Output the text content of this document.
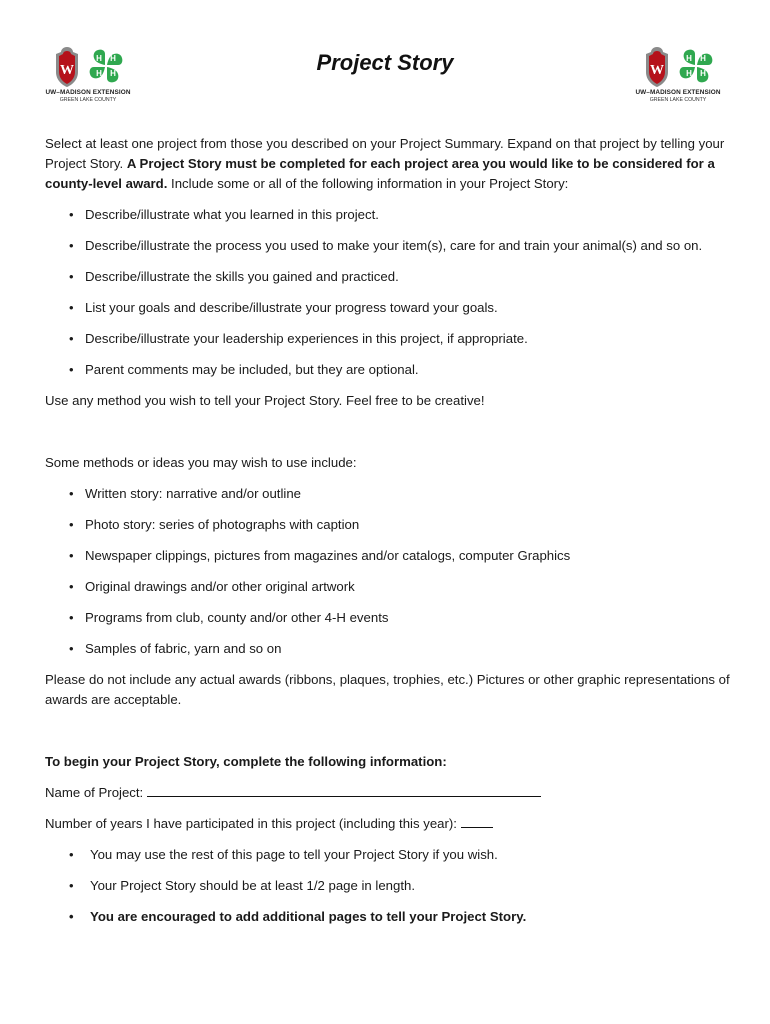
W
H H
H H
UW–MADISON EXTENSION
GREEN LAKE COUNTY
Project Story	W
H H
H H
UW–MADISON EXTENSION
GREEN LAKE COUNTY

Select at least one project from those you described on your Project Summary. Expand on that project by telling your Project Story. A Project Story must be completed for each project area you would like to be considered for a county-level award. Include some or all of the following information in your Project Story:

• Describe/illustrate what you learned in this project.
• Describe/illustrate the process you used to make your item(s), care for and train your animal(s) and so on.
• Describe/illustrate the skills you gained and practiced.
• List your goals and describe/illustrate your progress toward your goals.
• Describe/illustrate your leadership experiences in this project, if appropriate.
• Parent comments may be included, but they are optional.

Use any method you wish to tell your Project Story. Feel free to be creative!

Some methods or ideas you may wish to use include:

• Written story: narrative and/or outline
• Photo story: series of photographs with caption
• Newspaper clippings, pictures from magazines and/or catalogs, computer Graphics
• Original drawings and/or other original artwork
• Programs from club, county and/or other 4-H events
• Samples of fabric, yarn and so on

Please do not include any actual awards (ribbons, plaques, trophies, etc.) Pictures or other graphic representations of awards are acceptable.

To begin your Project Story, complete the following information:

Name of Project:

Number of years I have participated in this project (including this year):

• You may use the rest of this page to tell your Project Story if you wish.
• Your Project Story should be at least 1/2 page in length.
• You are encouraged to add additional pages to tell your Project Story.
